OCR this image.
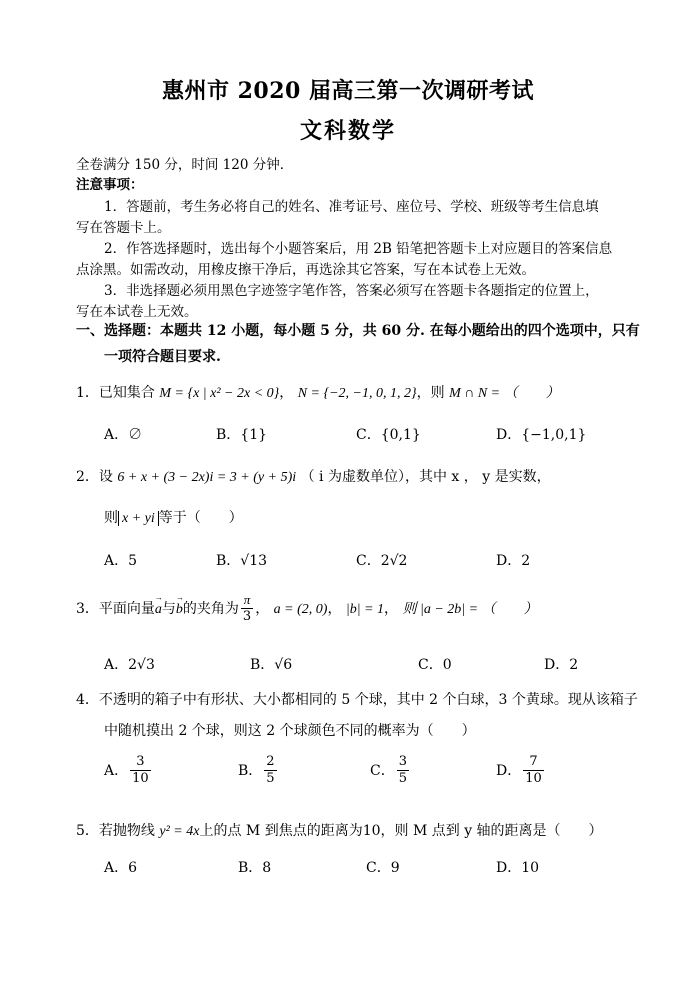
惠州市 2020 届高三第一次调研考试
文科数学
全卷满分 150 分，时间 120 分钟．
注意事项：
1．答题前，考生务必将自己的姓名、准考证号、座位号、学校、班级等考生信息填
写在答题卡上。
2．作答选择题时，选出每个小题答案后，用 2B 铅笔把答题卡上对应题目的答案信息
点涂黑。如需改动，用橡皮擦干净后，再选涂其它答案，写在本试卷上无效。
3．非选择题必须用黑色字迹签字笔作答，答案必须写在答题卡各题指定的位置上，
写在本试卷上无效。
一、选择题：本题共 12 小题，每小题 5 分，共 60 分. 在每小题给出的四个选项中，只有
一项符合题目要求.
1．已知集合 M = {x | x² − 2x < 0}， N = {−2, −1, 0, 1, 2}，则 M ∩ N = （　　）
A．∅	B．{1}	C．{0,1}	D．{−1,0,1}
2．设 6 + x + (3 − 2x)i = 3 + (y + 5)i （ i 为虚数单位），其中 x ， y 是实数，
则 x + yi 等于（　　）
A．5	B．√13	C．2√2	D．2
3．平面向量→ a与→ b的夹角为 $\frac{\pi}{3}$ ， a = (2, 0)， |b| = 1， 则 |a − 2b| = （　　）
A．2√3	B．√6	C．0	D．2
4．不透明的箱子中有形状、大小都相同的 5 个球，其中 2 个白球，3 个黄球。现从该箱子
中随机摸出 2 个球，则这 2 个球颜色不同的概率为（　　）
A． $\frac{3}{10}$	B． $\frac{2}{5}$	C． $\frac{3}{5}$	D． $\frac{7}{10}$
5．若抛物线 y² = 4x上的点 M 到焦点的距离为10，则 M 点到 y 轴的距离是（　　）
A．6	B．8	C．9	D．10
